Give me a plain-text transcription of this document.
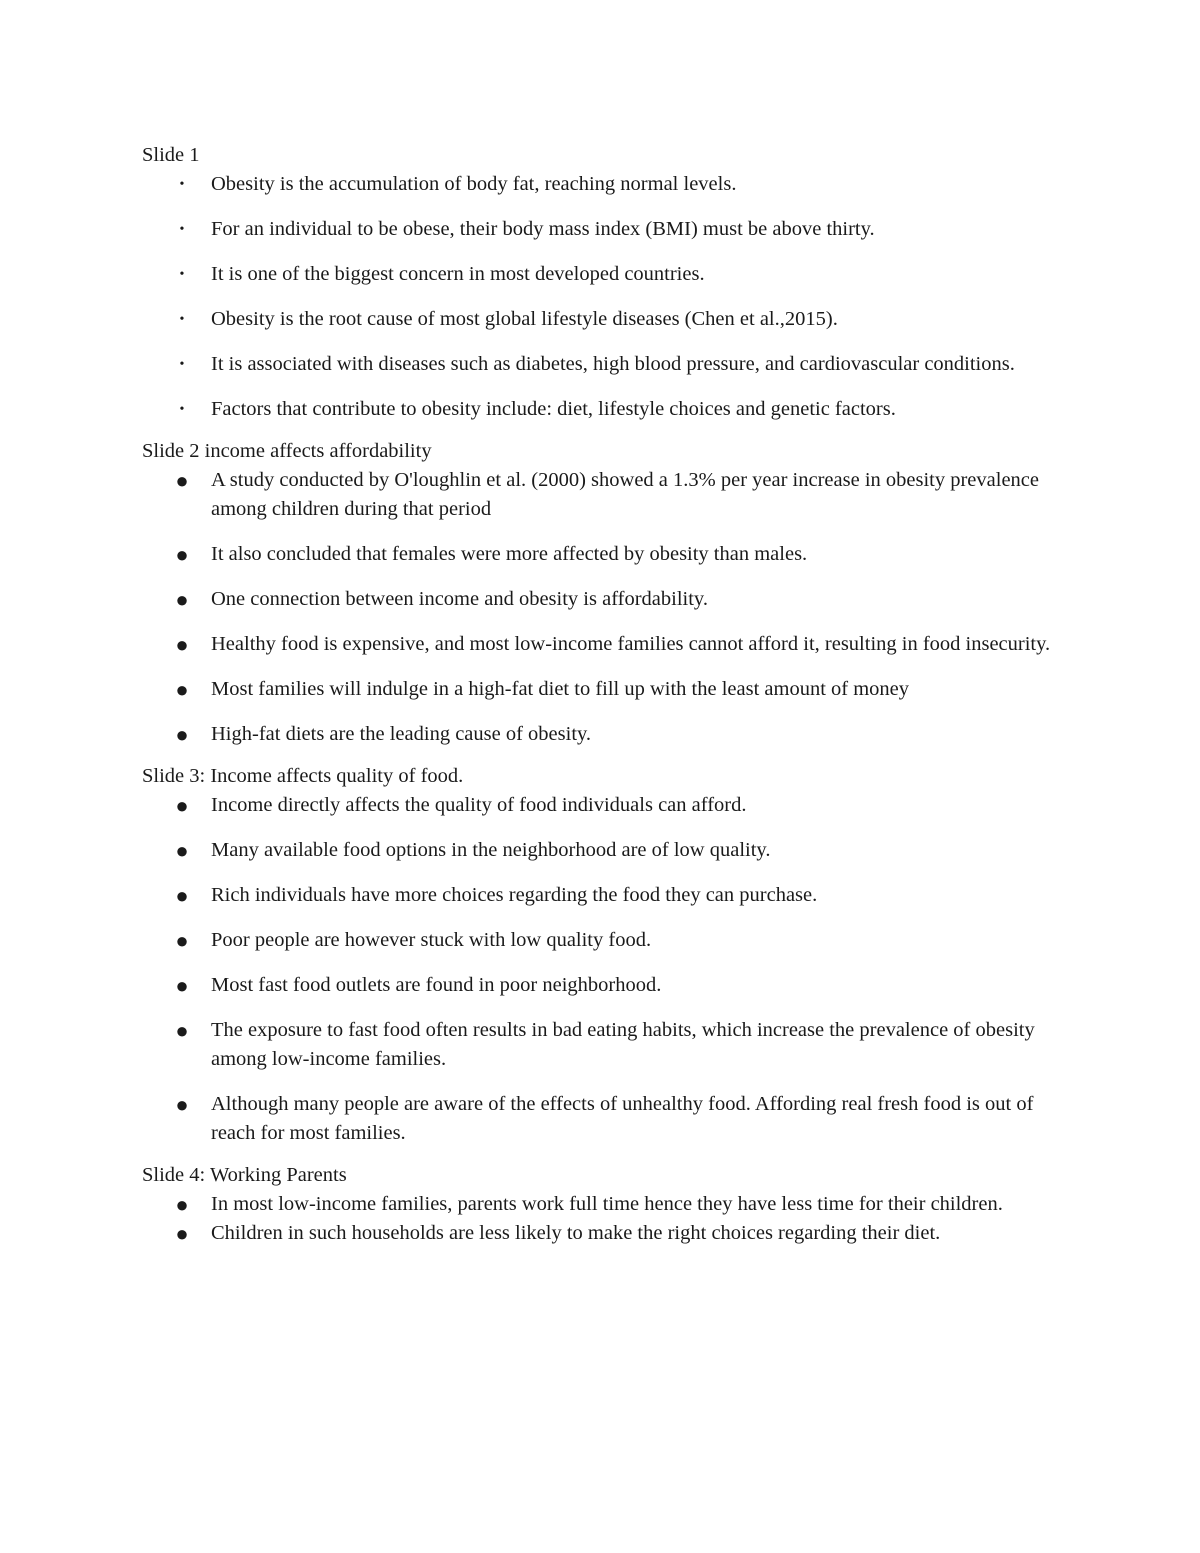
Slide 1

• Obesity is the accumulation of body fat, reaching normal levels.
• For an individual to be obese, their body mass index (BMI) must be above thirty.
• It is one of the biggest concern in most developed countries.
• Obesity is the root cause of most global lifestyle diseases (Chen et al.,2015).
• It is associated with diseases such as diabetes, high blood pressure, and cardiovascular conditions.
• Factors that contribute to obesity include: diet, lifestyle choices and genetic factors.

Slide 2 income affects affordability

● A study conducted by O'loughlin et al. (2000) showed a 1.3% per year increase in obesity prevalence among children during that period
● It also concluded that females were more affected by obesity than males.
● One connection between income and obesity is affordability.
● Healthy food is expensive, and most low-income families cannot afford it, resulting in food insecurity.
● Most families will indulge in a high-fat diet to fill up with the least amount of money
● High-fat diets are the leading cause of obesity.

Slide 3: Income affects quality of food.

● Income directly affects the quality of food individuals can afford.
● Many available food options in the neighborhood are of low quality.
● Rich individuals have more choices regarding the food they can purchase.
● Poor people are however stuck with low quality food.
● Most fast food outlets are found in poor neighborhood.
● The exposure to fast food often results in bad eating habits, which increase the prevalence of obesity among low-income families.
● Although many people are aware of the effects of unhealthy food. Affording real fresh food is out of reach for most families.

Slide 4: Working Parents

● In most low-income families, parents work full time hence they have less time for their children.
● Children in such households are less likely to make the right choices regarding their diet.
